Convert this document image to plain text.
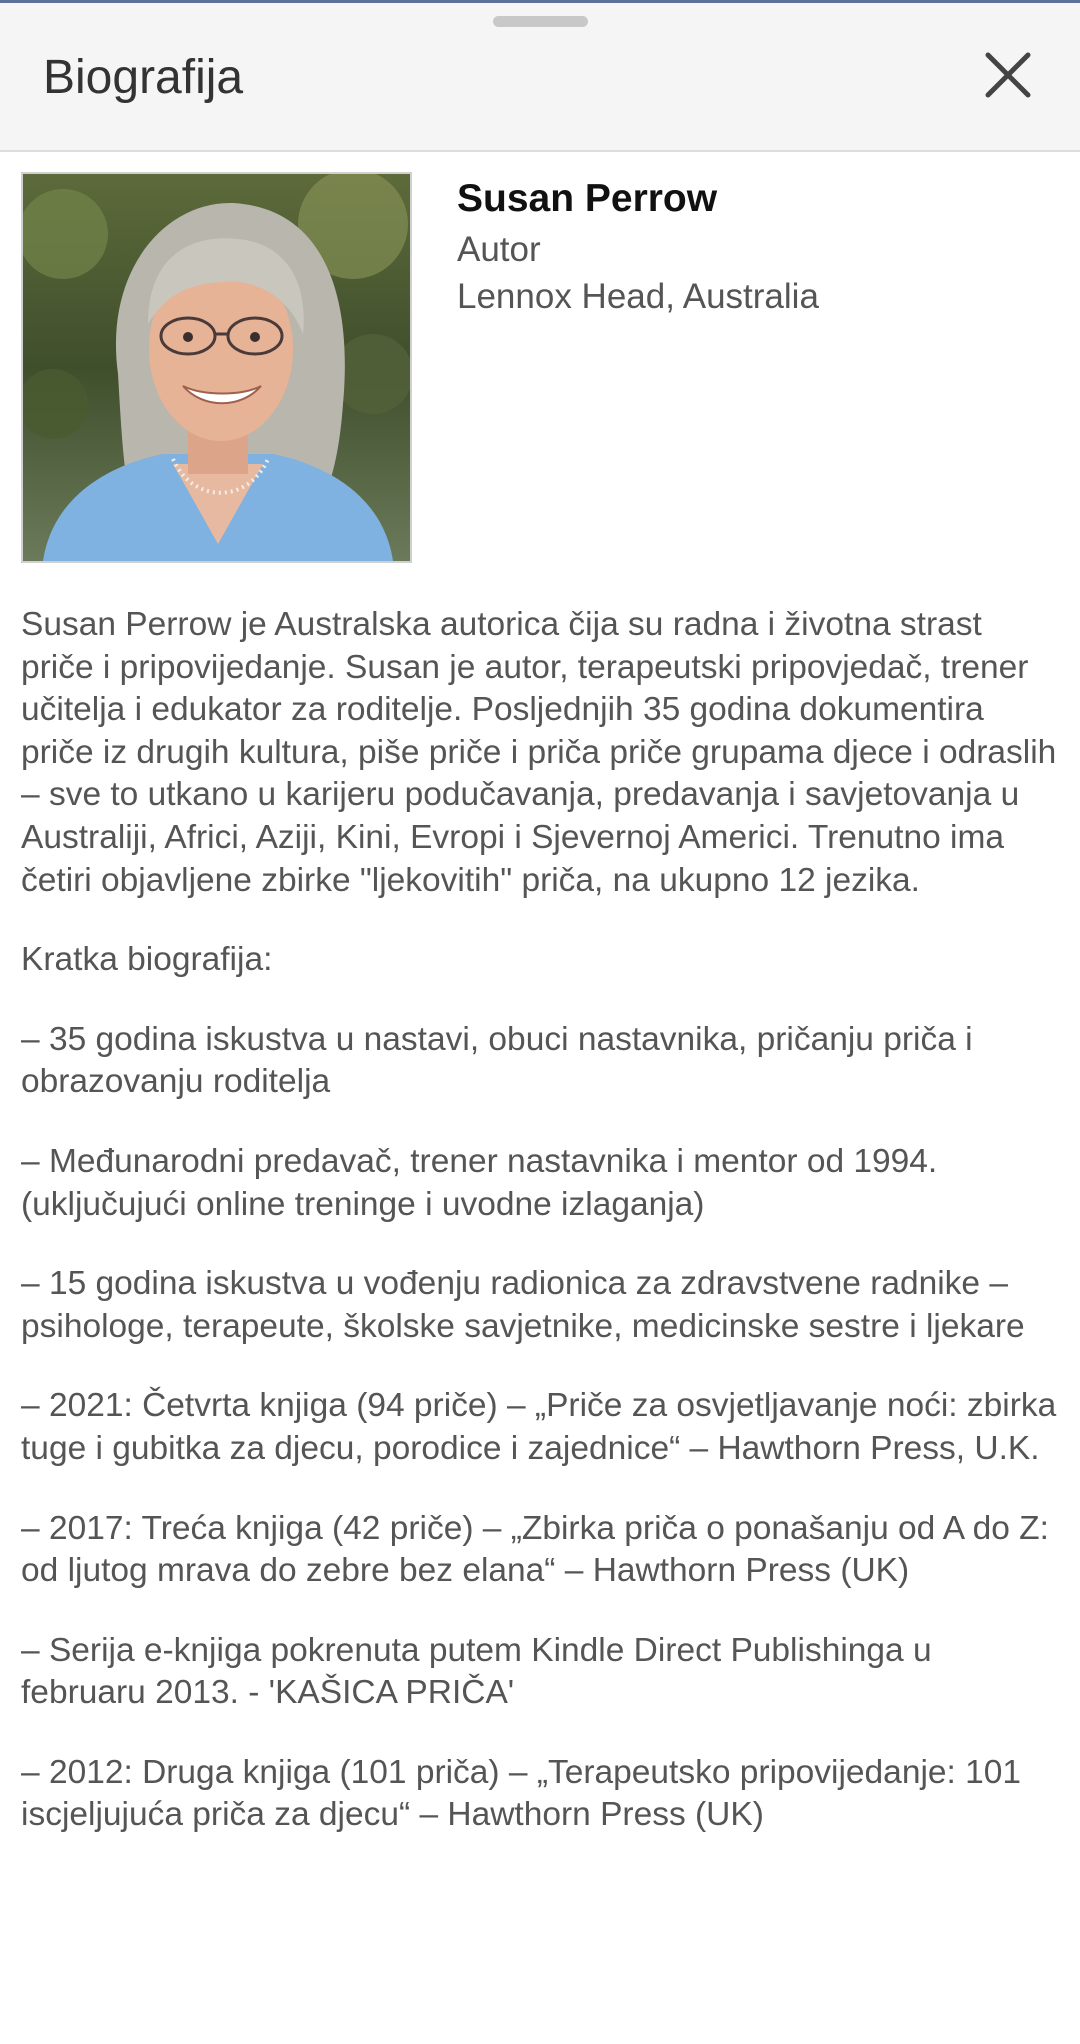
Biografija
Susan Perrow
Autor
Lennox Head, Australia

Susan Perrow je Australska autorica čija su radna i životna strast priče i pripovijedanje. Susan je autor, terapeutski pripovjedač, trener učitelja i edukator za roditelje. Posljednjih 35 godina dokumentira priče iz drugih kultura, piše priče i priča priče grupama djece i odraslih – sve to utkano u karijeru podučavanja, predavanja i savjetovanja u Australiji, Africi, Aziji, Kini, Evropi i Sjevernoj Americi. Trenutno ima četiri objavljene zbirke "ljekovitih" priča, na ukupno 12 jezika.

Kratka biografija:

– 35 godina iskustva u nastavi, obuci nastavnika, pričanju priča i obrazovanju roditelja

– Međunarodni predavač, trener nastavnika i mentor od 1994. (uključujući online treninge i uvodne izlaganja)

– 15 godina iskustva u vođenju radionica za zdravstvene radnike – psihologe, terapeute, školske savjetnike, medicinske sestre i ljekare

– 2021: Četvrta knjiga (94 priče) – „Priče za osvjetljavanje noći: zbirka tuge i gubitka za djecu, porodice i zajednice“ – Hawthorn Press, U.K.

– 2017: Treća knjiga (42 priče) – „Zbirka priča o ponašanju od A do Z: od ljutog mrava do zebre bez elana“ – Hawthorn Press (UK)

– Serija e-knjiga pokrenuta putem Kindle Direct Publishinga u februaru 2013. - 'KAŠICA PRIČA'

– 2012: Druga knjiga (101 priča) – „Terapeutsko pripovijedanje: 101 iscjeljujuća priča za djecu“ – Hawthorn Press (UK)
